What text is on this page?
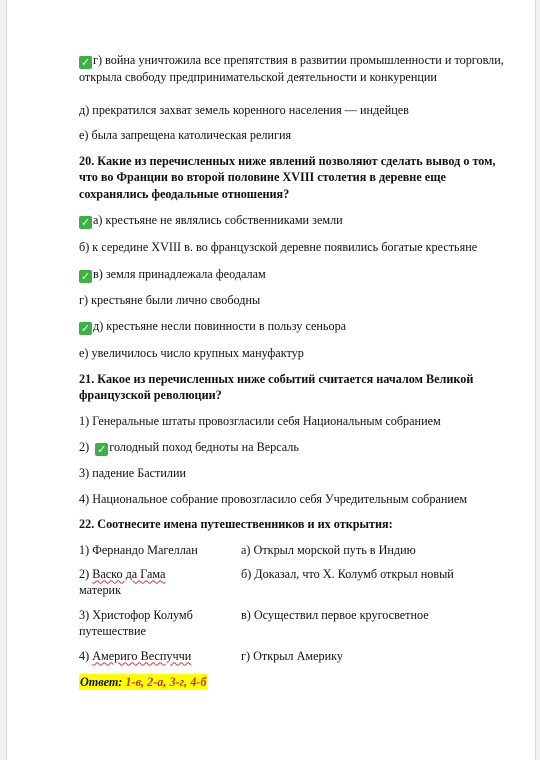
✓ г) война уничтожила все препятствия в развитии промышленности и торговли, открыла свободу предпринимательской деятельности и конкуренции

д) прекратился захват земель коренного населения — индейцев

е) была запрещена католическая религия

20. Какие из перечисленных ниже явлений позволяют сделать вывод о том, что во Франции во второй половине XVIII столетия в деревне еще сохранялись феодальные отношения?

✓ а) крестьяне не являлись собственниками земли

б) к середине XVIII в. во французской деревне появились богатые крестьяне

✓ в) земля принадлежала феодалам

г) крестьяне были лично свободны

✓ д) крестьяне несли повинности в пользу сеньора

е) увеличилось число крупных мануфактур

21. Какое из перечисленных ниже событий считается началом Великой французской революции?

1) Генеральные штаты провозгласили себя Национальным собранием

2) ✓ голодный поход бедноты на Версаль

3) падение Бастилии

4) Национальное собрание провозгласило себя Учредительным собранием

22. Соотнесите имена путешественников и их открытия:

1) Фернандо Магеллан	а) Открыл морской путь в Индию
2) Васко да Гама
материк
б) Доказал, что Х. Колумб открыл новый
3) Христофор Колумб
путешествие
в) Осуществил первое кругосветное
4) Америго Веспуччи	г) Открыл Америку

Ответ: 1-в, 2-а, 3-г, 4-б
